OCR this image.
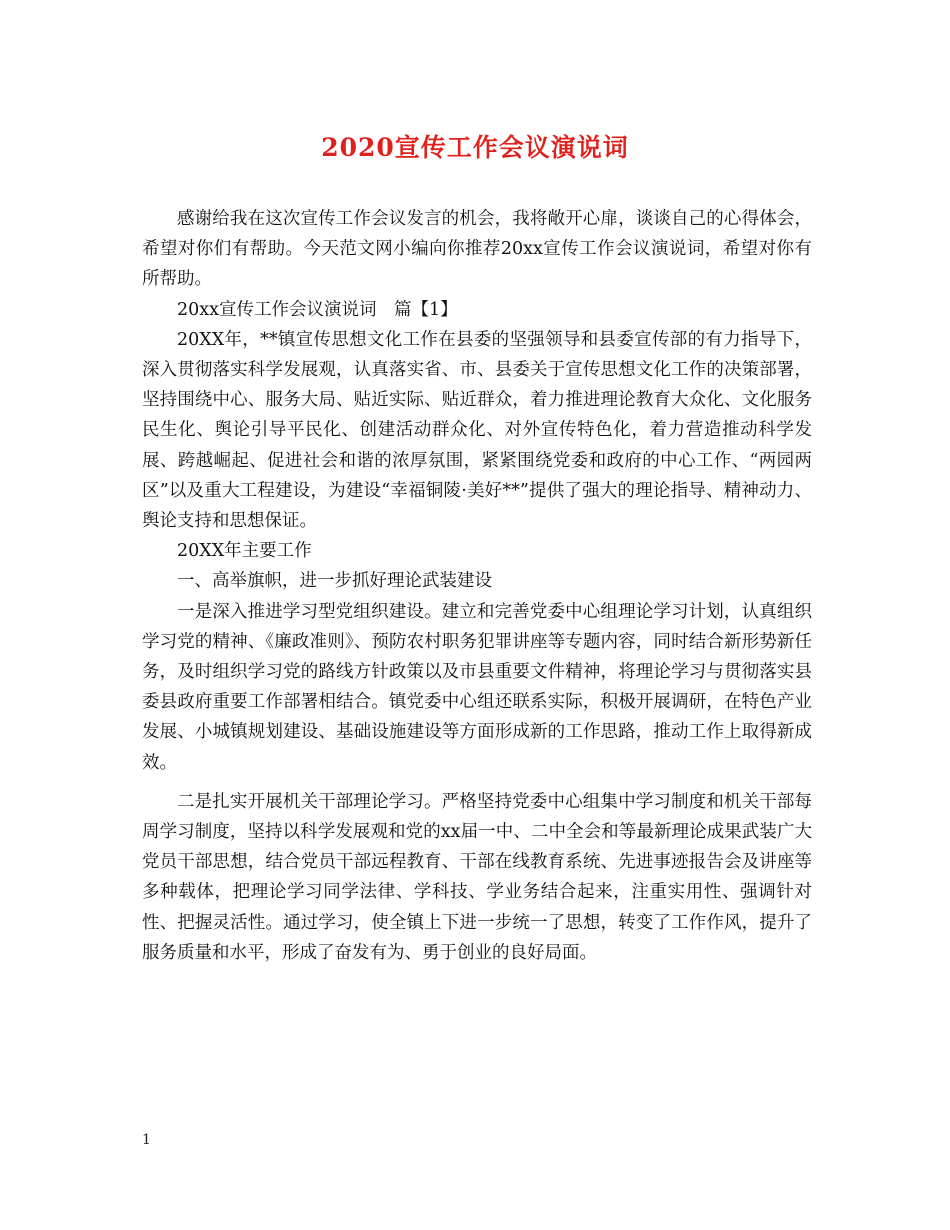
2020宣传工作会议演说词

感谢给我在这次宣传工作会议发言的机会，我将敞开心扉，谈谈自己的心得体会，希望对你们有帮助。今天范文网小编向你推荐20xx宣传工作会议演说词，希望对你有所帮助。

20xx宣传工作会议演说词　篇【1】

20XX年，**镇宣传思想文化工作在县委的坚强领导和县委宣传部的有力指导下，深入贯彻落实科学发展观，认真落实省、市、县委关于宣传思想文化工作的决策部署，坚持围绕中心、服务大局、贴近实际、贴近群众，着力推进理论教育大众化、文化服务民生化、舆论引导平民化、创建活动群众化、对外宣传特色化，着力营造推动科学发展、跨越崛起、促进社会和谐的浓厚氛围，紧紧围绕党委和政府的中心工作、“两园两区”以及重大工程建设，为建设“幸福铜陵·美好**”提供了强大的理论指导、精神动力、舆论支持和思想保证。

20XX年主要工作

一、高举旗帜，进一步抓好理论武装建设

一是深入推进学习型党组织建设。建立和完善党委中心组理论学习计划，认真组织学习党的精神、《廉政准则》、预防农村职务犯罪讲座等专题内容，同时结合新形势新任务，及时组织学习党的路线方针政策以及市县重要文件精神，将理论学习与贯彻落实县委县政府重要工作部署相结合。镇党委中心组还联系实际，积极开展调研，在特色产业发展、小城镇规划建设、基础设施建设等方面形成新的工作思路，推动工作上取得新成效。

二是扎实开展机关干部理论学习。严格坚持党委中心组集中学习制度和机关干部每周学习制度，坚持以科学发展观和党的xx届一中、二中全会和等最新理论成果武装广大党员干部思想，结合党员干部远程教育、干部在线教育系统、先进事迹报告会及讲座等多种载体，把理论学习同学法律、学科技、学业务结合起来，注重实用性、强调针对性、把握灵活性。通过学习，使全镇上下进一步统一了思想，转变了工作作风，提升了服务质量和水平，形成了奋发有为、勇于创业的良好局面。

1
